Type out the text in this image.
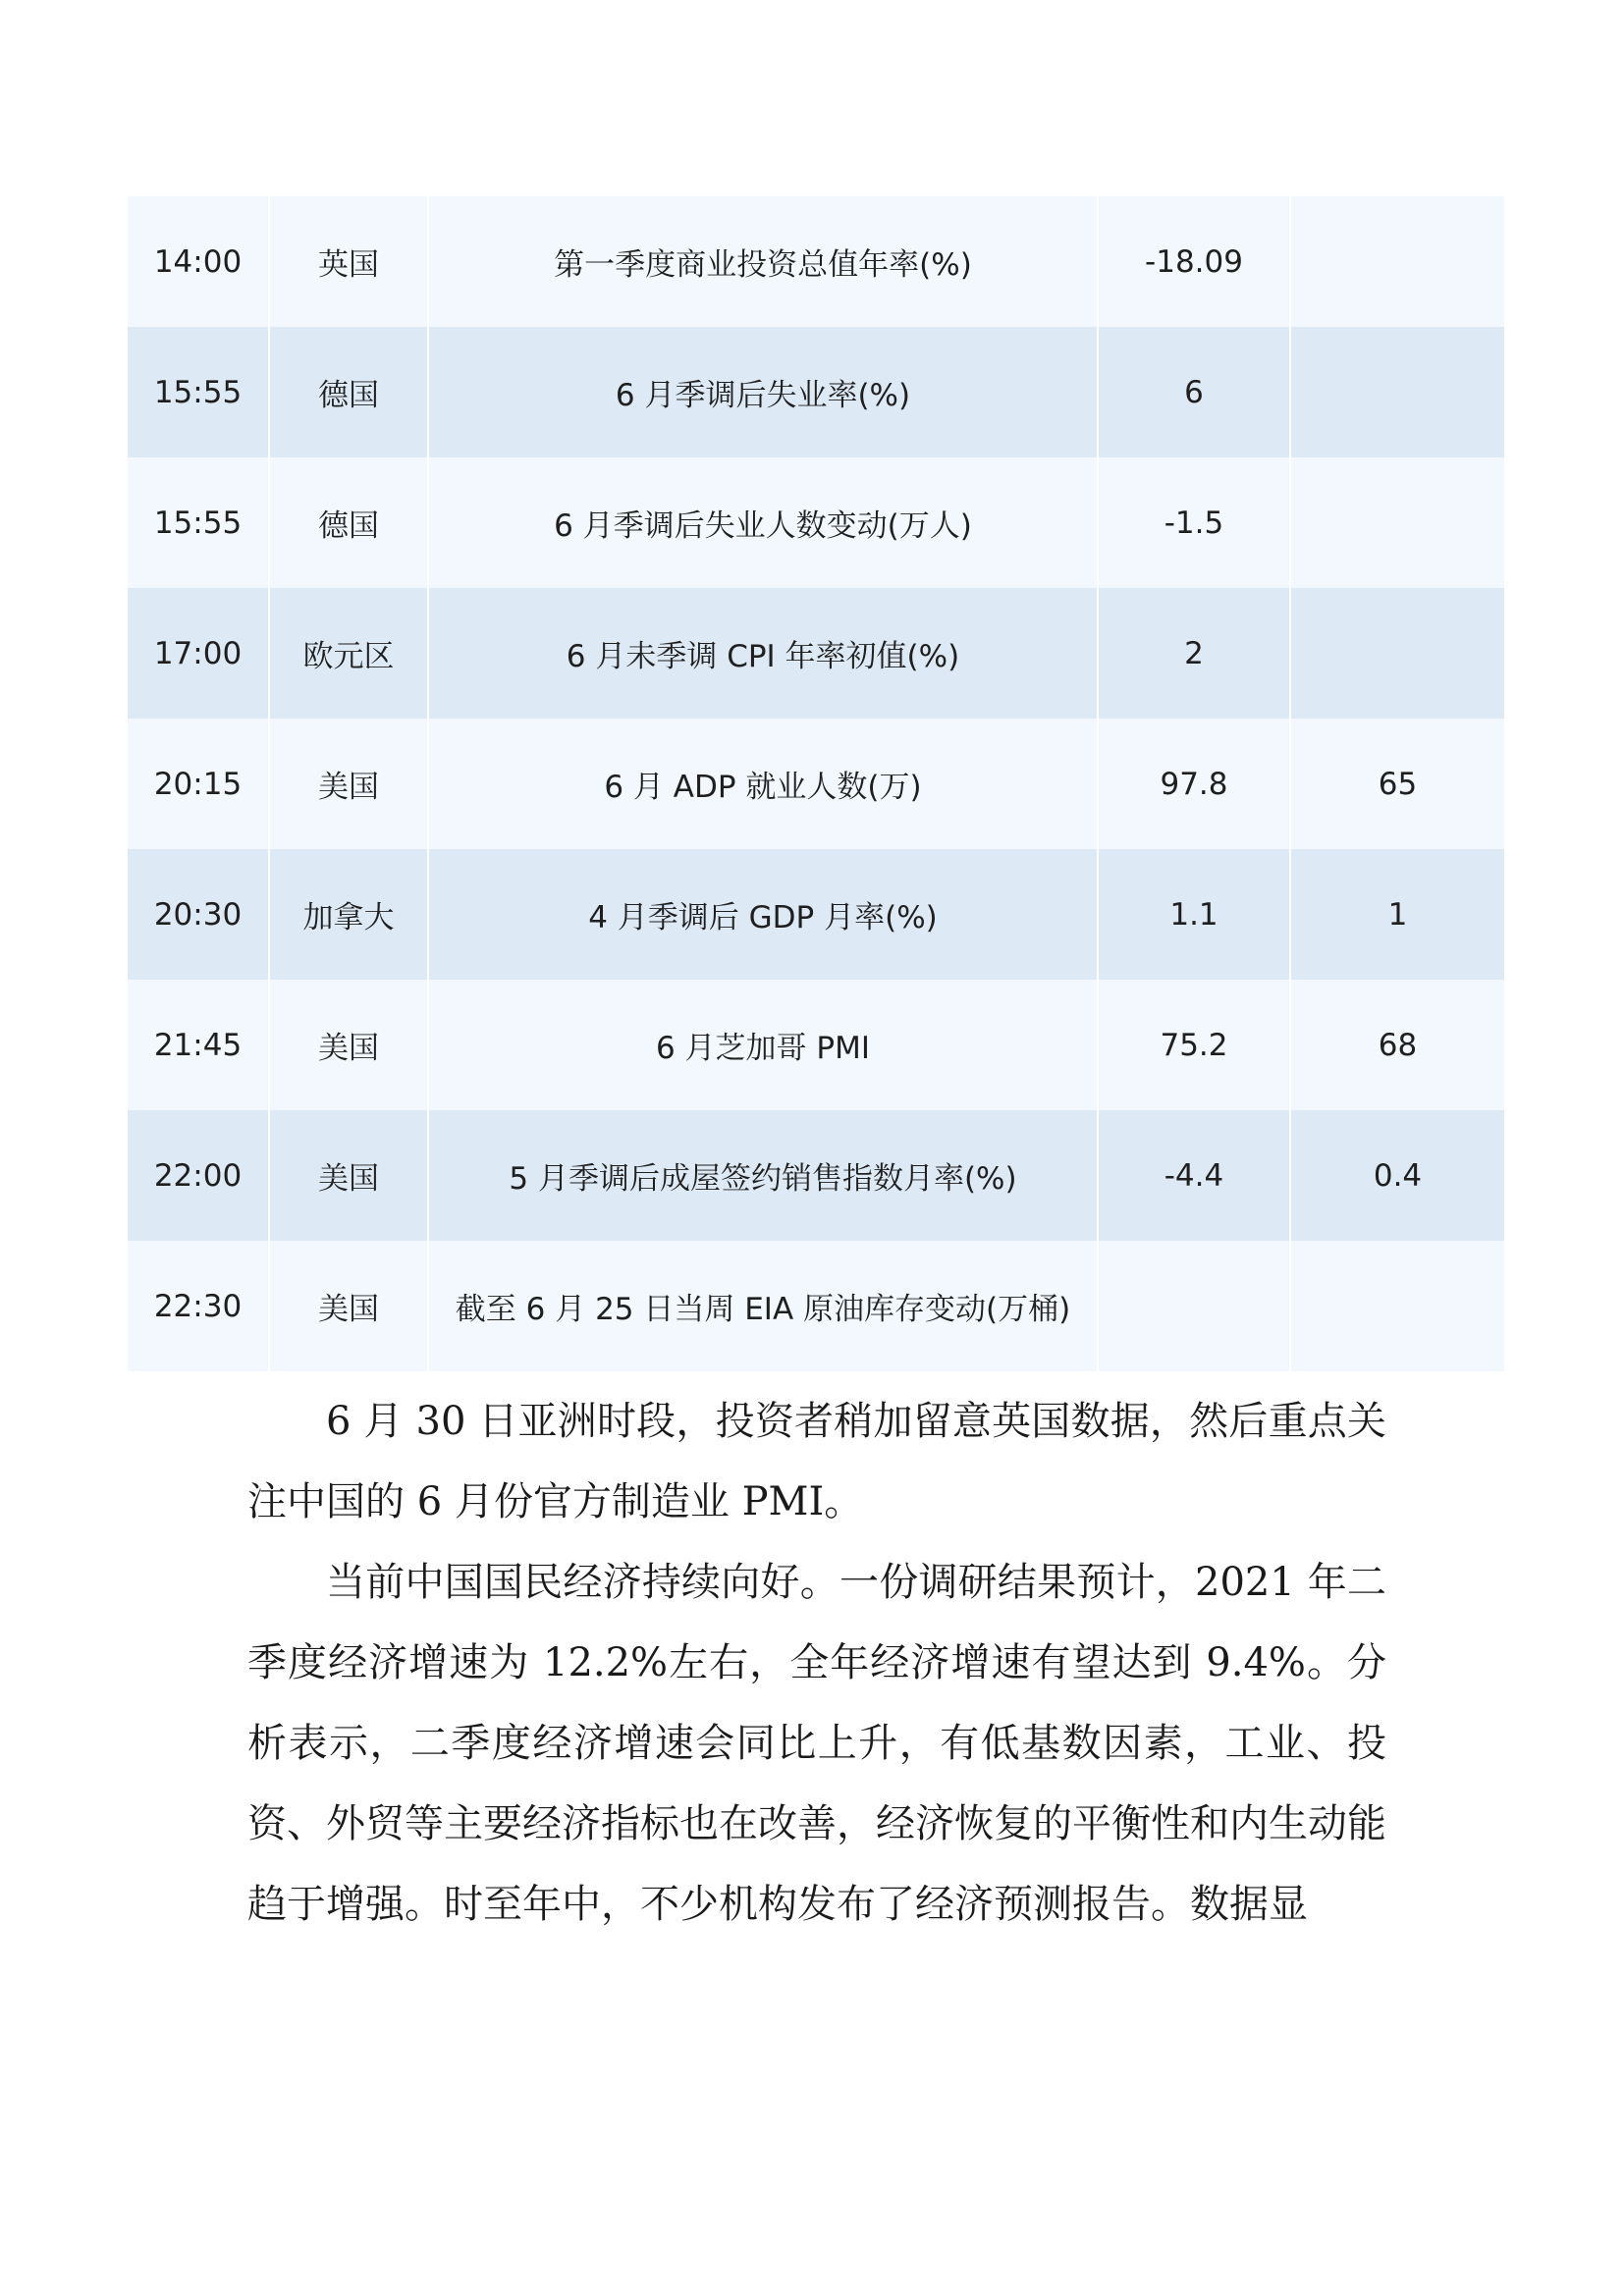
14:00	英国	第一季度商业投资总值年率(%)	-18.09	
15:55	德国	6 月季调后失业率(%)	6	
15:55	德国	6 月季调后失业人数变动(万人)	-1.5	
17:00	欧元区	6 月未季调 CPI 年率初值(%)	2	
20:15	美国	6 月 ADP 就业人数(万)	97.8	65
20:30	加拿大	4 月季调后 GDP 月率(%)	1.1	1
21:45	美国	6 月芝加哥 PMI	75.2	68
22:00	美国	5 月季调后成屋签约销售指数月率(%)	-4.4	0.4
22:30	美国	截至 6 月 25 日当周 EIA 原油库存变动(万桶)		

6 月 30 日亚洲时段，投资者稍加留意英国数据，然后重点关注中国的 6 月份官方制造业 PMI。

当前中国国民经济持续向好。一份调研结果预计，2021 年二季度经济增速为 12.2%左右，全年经济增速有望达到 9.4%。分析表示，二季度经济增速会同比上升，有低基数因素，工业、投资、外贸等主要经济指标也在改善，经济恢复的平衡性和内生动能趋于增强。时至年中，不少机构发布了经济预测报告。数据显
